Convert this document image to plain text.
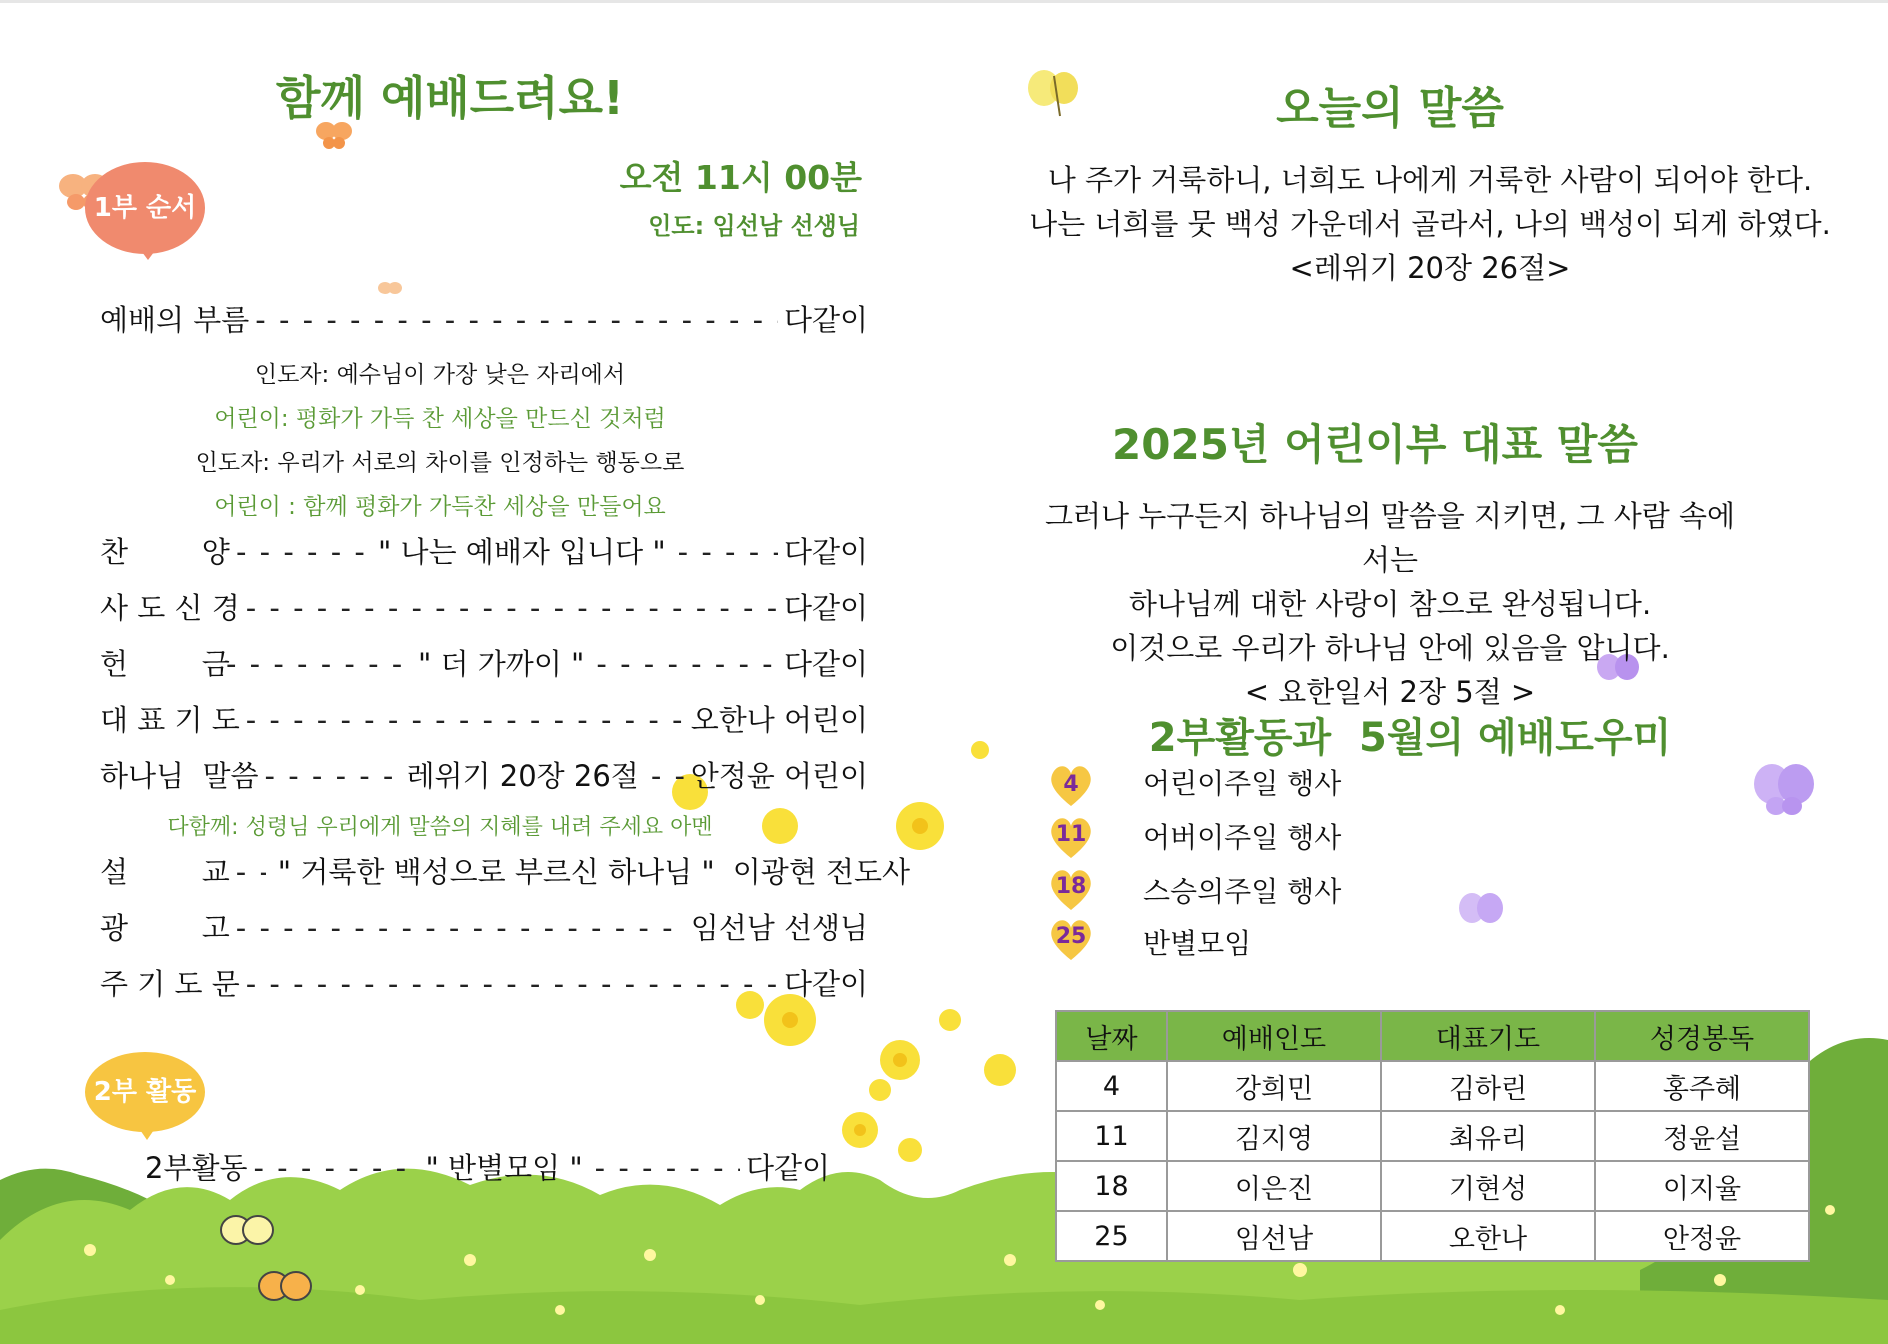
함께 예배드려요!
1부 순서
오전 11시 00분
인도: 임선남 선생님
예배의 부름 - - -	다같이
인도자: 예수님이 가장 낮은 자리에서
어린이: 평화가 가득 찬 세상을 만드신 것처럼
인도자: 우리가 서로의 차이를 인정하는 행동으로
어린이 : 함께 평화가 가득찬 세상을 만들어요
찬        양 - - -	" 나는 예배자 입니다 " - - -	다같이
사 도 신 경 - - -	다같이
헌        금 - - -	" 더 가까이 " - - -	다같이
대 표 기 도 - - -	오한나 어린이
하나님  말씀 - - -	레위기 20장 26절 - - - 안정윤 어린이
다함께: 성령님 우리에게 말씀의 지혜를 내려 주세요 아멘
설        교 - - - " 거룩한 백성으로 부르신 하나님 " 이광현 전도사
광        고 - - -	임선남 선생님
주 기 도 문 - - -	다같이
2부 활동
2부활동 - - -	" 반별모임 " - - -	다같이
오늘의 말씀
나 주가 거룩하니, 너희도 나에게 거룩한 사람이 되어야 한다.
나는 너희를 뭇 백성 가운데서 골라서, 나의 백성이 되게 하였다.
<레위기 20장 26절>
2025년 어린이부 대표 말씀
그러나 누구든지 하나님의 말씀을 지키면, 그 사람 속에서는
하나님께 대한 사랑이 참으로 완성됩니다.
이것으로 우리가 하나님 안에 있음을 압니다.
< 요한일서 2장 5절 >
2부활동과  5월의 예배도우미
4	어린이주일 행사
11	어버이주일 행사
18	스승의주일 행사
25	반별모임
날짜	예배인도	대표기도	성경봉독
4	강희민	김하린	홍주혜
11	김지영	최유리	정윤설
18	이은진	기현성	이지율
25	임선남	오한나	안정윤
